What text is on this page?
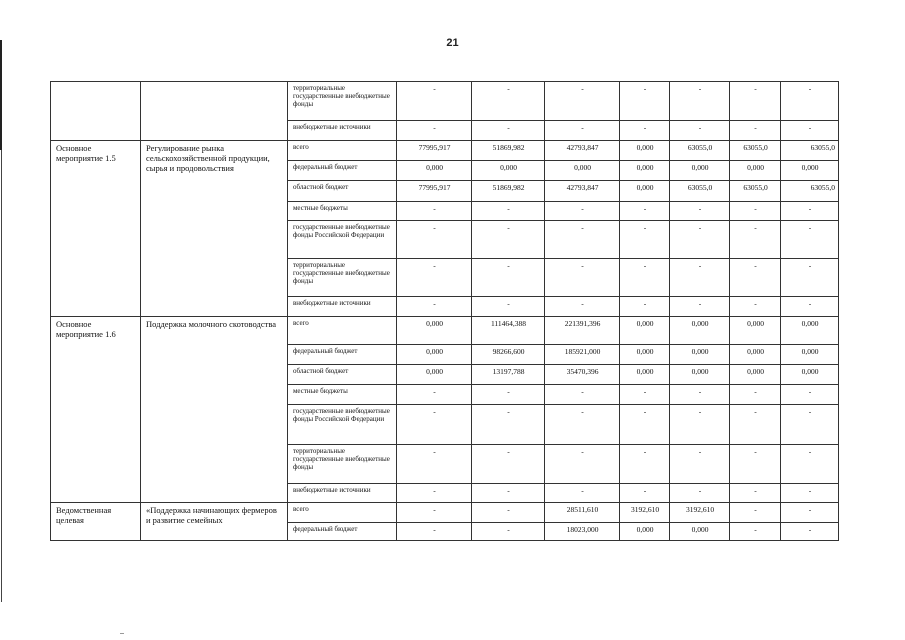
21
		территориальные государственные внебюджетные фонды	-	-	-	-	-	-	-
		внебюджетные источники	-	-	-	-	-	-	-
Основное мероприятие 1.5	Регулирование рынка сельскохозяйственной продукции, сырья и продовольствия	всего	77995,917	51869,982	42793,847	0,000	63055,0	63055,0	63055,0
		федеральный бюджет	0,000	0,000	0,000	0,000	0,000	0,000	0,000
		областной бюджет	77995,917	51869,982	42793,847	0,000	63055,0	63055,0	63055,0
		местные бюджеты	-	-	-	-	-	-	-
		государственные внебюджетные фонды Российской Федерации	-	-	-	-	-	-	-
		территориальные государственные внебюджетные фонды	-	-	-	-	-	-	-
		внебюджетные источники	-	-	-	-	-	-	-
Основное мероприятие 1.6	Поддержка молочного скотоводства	всего	0,000	111464,388	221391,396	0,000	0,000	0,000	0,000
		федеральный бюджет	0,000	98266,600	185921,000	0,000	0,000	0,000	0,000
		областной бюджет	0,000	13197,788	35470,396	0,000	0,000	0,000	0,000
		местные бюджеты	-	-	-	-	-	-	-
		государственные внебюджетные фонды Российской Федерации	-	-	-	-	-	-	-
		территориальные государственные внебюджетные фонды	-	-	-	-	-	-	-
		внебюджетные источники	-	-	-	-	-	-	-
Ведомственная целевая	«Поддержка начинающих фермеров и развитие семейных	всего	-	-	28511,610	3192,610	3192,610	-	-
		федеральный бюджет	-	-	18023,000	0,000	0,000	-	-
